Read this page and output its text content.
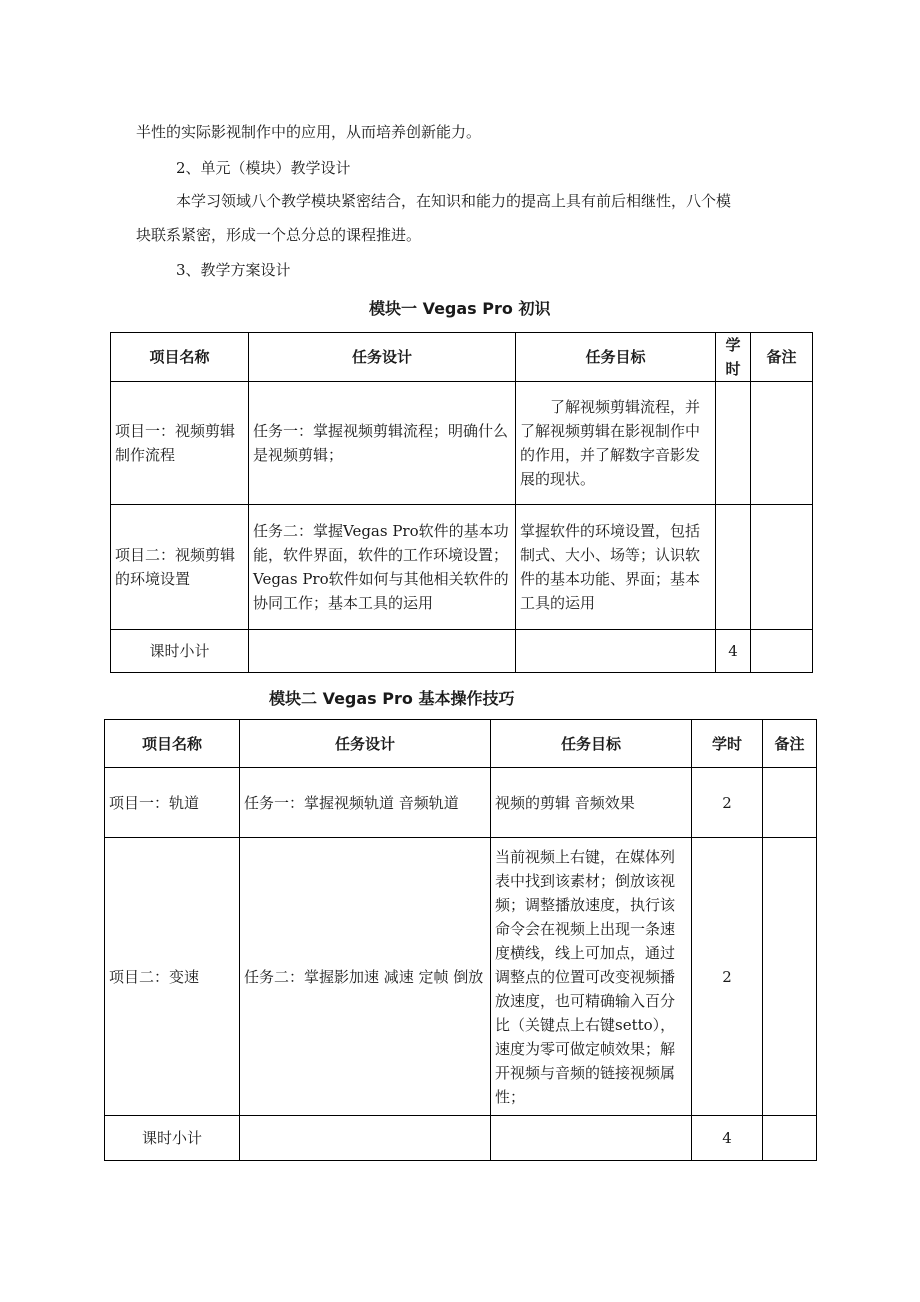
半性的实际影视制作中的应用，从而培养创新能力。

2、单元（模块）教学设计

本学习领域八个教学模块紧密结合，在知识和能力的提高上具有前后相继性，八个模

块联系紧密，形成一个总分总的课程推进。

3、教学方案设计

模块一 Vegas Pro 初识
项目名称	任务设计	任务目标	学时	备注
项目一：视频剪辑制作流程	任务一：掌握视频剪辑流程；明确什么是视频剪辑；	了解视频剪辑流程，并了解视频剪辑在影视制作中的作用，并了解数字音影发展的现状。		
项目二：视频剪辑的环境设置	任务二：掌握Vegas Pro软件的基本功能，软件界面，软件的工作环境设置；Vegas Pro软件如何与其他相关软件的协同工作；基本工具的运用	掌握软件的环境设置，包括制式、大小、场等；认识软件的基本功能、界面；基本工具的运用		
课时小计			4	
模块二 Vegas Pro 基本操作技巧
项目名称	任务设计	任务目标	学时	备注
项目一：轨道	任务一：掌握视频轨道 音频轨道	视频的剪辑 音频效果	2	
项目二：变速	任务二：掌握影加速 减速 定帧 倒放	当前视频上右键，在媒体列表中找到该素材；倒放该视频；调整播放速度，执行该命令会在视频上出现一条速度横线，线上可加点，通过调整点的位置可改变视频播放速度，也可精确输入百分比（关键点上右键setto），速度为零可做定帧效果；解开视频与音频的链接视频属性；	2	
课时小计			4	
